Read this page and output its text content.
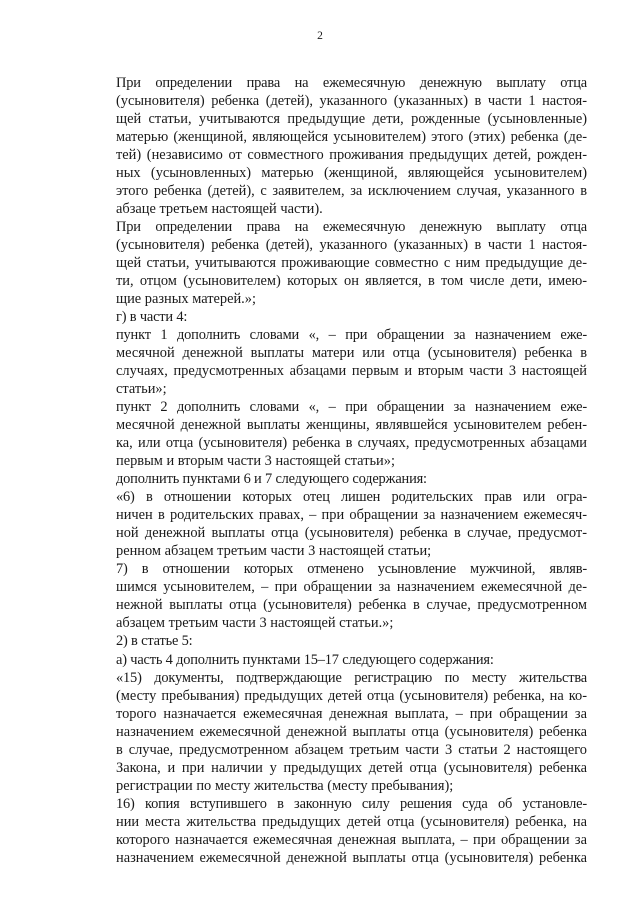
2

При определении права на ежемесячную денежную выплату отца
(усыновителя) ребенка (детей), указанного (указанных) в части 1 настоя-
щей статьи, учитываются предыдущие дети, рожденные (усыновленные)
матерью (женщиной, являющейся усыновителем) этого (этих) ребенка (де-
тей) (независимо от совместного проживания предыдущих детей, рожден-
ных (усыновленных) матерью (женщиной, являющейся усыновителем)
этого ребенка (детей), с заявителем, за исключением случая, указанного в
абзаце третьем настоящей части).

При определении права на ежемесячную денежную выплату отца
(усыновителя) ребенка (детей), указанного (указанных) в части 1 настоя-
щей статьи, учитываются проживающие совместно с ним предыдущие де-
ти, отцом (усыновителем) которых он является, в том числе дети, имею-
щие разных матерей.»;

г) в части 4:

пункт 1 дополнить словами «, – при обращении за назначением еже-
месячной денежной выплаты матери или отца (усыновителя) ребенка в
случаях, предусмотренных абзацами первым и вторым части 3 настоящей
статьи»;

пункт 2 дополнить словами «, – при обращении за назначением еже-
месячной денежной выплаты женщины, являвшейся усыновителем ребен-
ка, или отца (усыновителя) ребенка в случаях, предусмотренных абзацами
первым и вторым части 3 настоящей статьи»;

дополнить пунктами 6 и 7 следующего содержания:

«6) в отношении которых отец лишен родительских прав или огра-
ничен в родительских правах, – при обращении за назначением ежемесяч-
ной денежной выплаты отца (усыновителя) ребенка в случае, предусмот-
ренном абзацем третьим части 3 настоящей статьи;

7) в отношении которых отменено усыновление мужчиной, являв-
шимся усыновителем, – при обращении за назначением ежемесячной де-
нежной выплаты отца (усыновителя) ребенка в случае, предусмотренном
абзацем третьим части 3 настоящей статьи.»;

2) в статье 5:

а) часть 4 дополнить пунктами 15–17 следующего содержания:

«15) документы, подтверждающие регистрацию по месту жительства
(месту пребывания) предыдущих детей отца (усыновителя) ребенка, на ко-
торого назначается ежемесячная денежная выплата, – при обращении за
назначением ежемесячной денежной выплаты отца (усыновителя) ребенка
в случае, предусмотренном абзацем третьим части 3 статьи 2 настоящего
Закона, и при наличии у предыдущих детей отца (усыновителя) ребенка
регистрации по месту жительства (месту пребывания);

16) копия вступившего в законную силу решения суда об установле-
нии места жительства предыдущих детей отца (усыновителя) ребенка, на
которого назначается ежемесячная денежная выплата, – при обращении за
назначением ежемесячной денежной выплаты отца (усыновителя) ребенка
